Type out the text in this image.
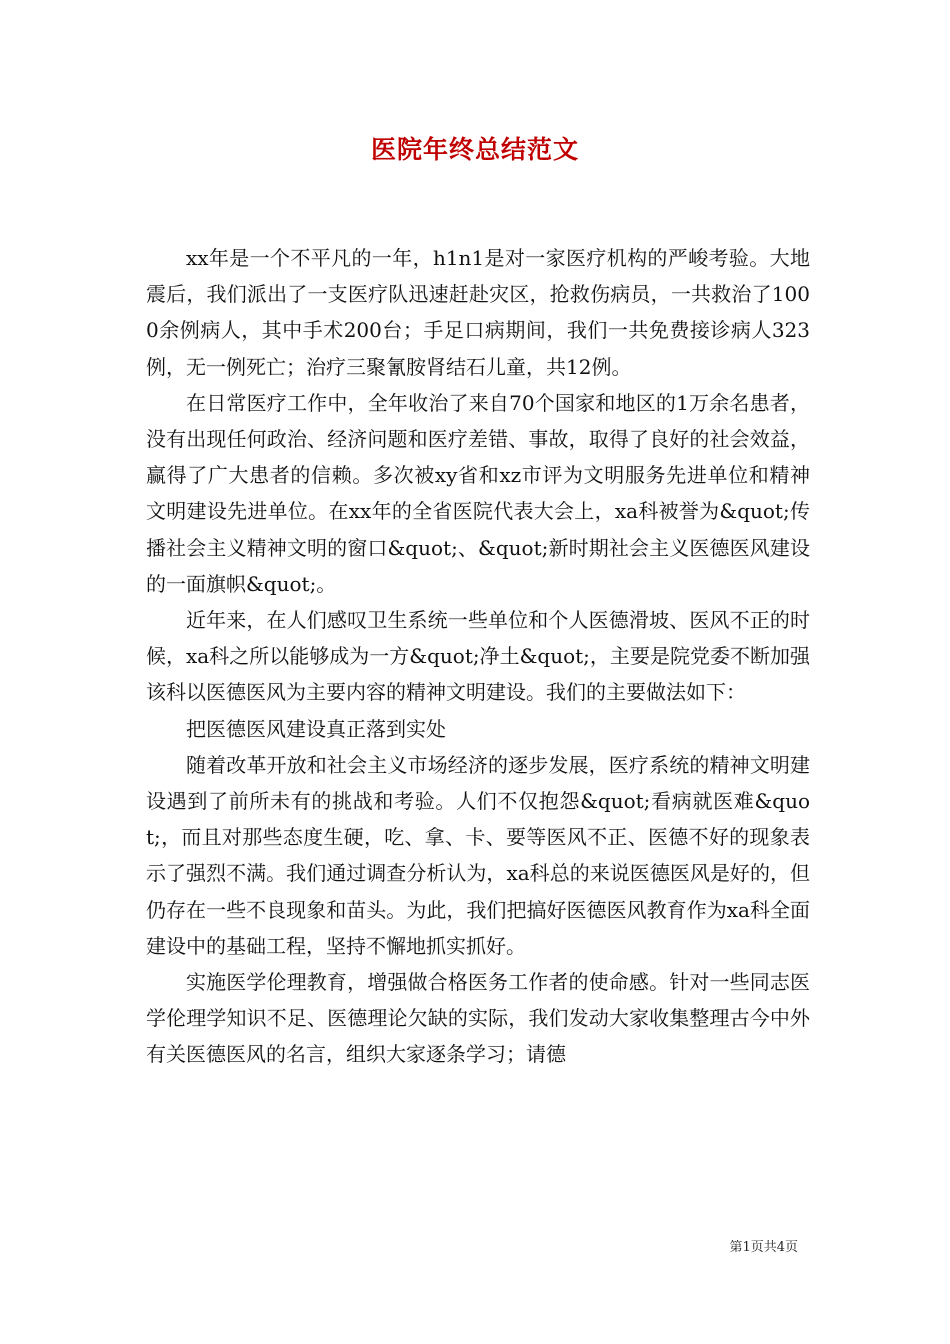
医院年终总结范文

xx年是一个不平凡的一年，h1n1是对一家医疗机构的严峻考验。大地震后，我们派出了一支医疗队迅速赶赴灾区，抢救伤病员，一共救治了1000余例病人，其中手术200台；手足口病期间，我们一共免费接诊病人323例，无一例死亡；治疗三聚氰胺肾结石儿童，共12例。

在日常医疗工作中，全年收治了来自70个国家和地区的1万余名患者，没有出现任何政治、经济问题和医疗差错、事故，取得了良好的社会效益，赢得了广大患者的信赖。多次被xy省和xz市评为文明服务先进单位和精神文明建设先进单位。在xx年的全省医院代表大会上，xa科被誉为&quot;传播社会主义精神文明的窗口&quot;、&quot;新时期社会主义医德医风建设的一面旗帜&quot;。

近年来，在人们感叹卫生系统一些单位和个人医德滑坡、医风不正的时候，xa科之所以能够成为一方&quot;净土&quot;，主要是院党委不断加强该科以医德医风为主要内容的精神文明建设。我们的主要做法如下：

把医德医风建设真正落到实处

随着改革开放和社会主义市场经济的逐步发展，医疗系统的精神文明建设遇到了前所未有的挑战和考验。人们不仅抱怨&quot;看病就医难&quot;，而且对那些态度生硬，吃、拿、卡、要等医风不正、医德不好的现象表示了强烈不满。我们通过调查分析认为，xa科总的来说医德医风是好的，但仍存在一些不良现象和苗头。为此，我们把搞好医德医风教育作为xa科全面建设中的基础工程，坚持不懈地抓实抓好。

实施医学伦理教育，增强做合格医务工作者的使命感。针对一些同志医学伦理学知识不足、医德理论欠缺的实际，我们发动大家收集整理古今中外有关医德医风的名言，组织大家逐条学习；请德

第1页共4页
